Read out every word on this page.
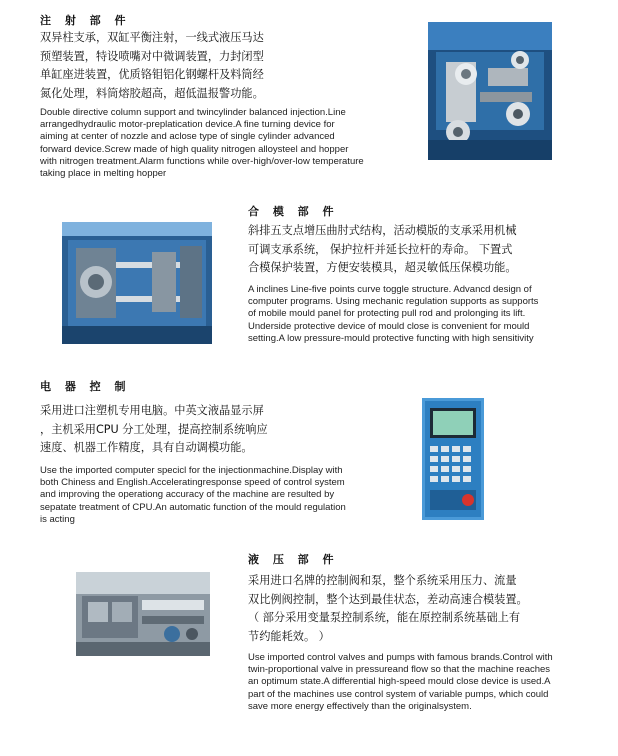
注 射 部 件
双异柱支承，双缸平衡注射，一线式液压马达
预塑装置，特设喷嘴对中微调装置，力封闭型
单缸座进装置，优质铬钼铝化钢螺杆及料筒经
氮化处理，料筒熔胶超高，超低温报警功能。
Double directive column support and twincylinder balanced injection.Line
arrangedhydraulic motor-preplatication device.A fine turning device for
aiming at center of nozzle and aclose type of single cylinder advanced
forward device.Screw made of high quality nitrogen alloysteel and hopper
with nitrogen treatment.Alarm functions while over-high/over-low temperature
taking place in melting hopper
合 模 部 件
斜排五支点增压曲肘式结构，活动模版的支承采用机械
可调支承系统， 保护拉杆并延长拉杆的寿命。 下置式
合模保护装置，方便安装模具，超灵敏低压保模功能。
A inclines Line-five points curve toggle structure. Advancd design of
computer programs. Using mechanic regulation supports as supports
of mobile mould panel for protecting pull rod and prolonging its lift.
Underside protective device of mould close is convenient for mould
setting.A low pressure-mould protective functing with high sensitivity
电 器 控 制
采用进口注塑机专用电脑。中英文液晶显示屏
，主机采用CPU 分工处理，提高控制系统响应
速度、机器工作精度，具有自动调模功能。
Use the imported computer specicl for the injectionmachine.Display with
both Chiness and English.Acceleratingresponse speed of control system
and improving the operationg accuracy of the machine are resulted by
sepatate treatment of CPU.An automatic function of the mould regulation
is acting
液 压 部 件
采用进口名牌的控制阀和泵，整个系统采用压力、流量
双比例阀控制，整个达到最佳状态，差动高速合模装置。
（ 部分采用变量泵控制系统，能在原控制系统基础上有
节约能耗效。 ）
Use imported control valves and pumps with famous brands.Control with
twin-proportional valve in pressureand flow so that the machine reaches
an optimum state.A differential high-speed mould close device is used.A
part of the machines use control system of variable pumps, which could
save more energy effectively than the originalsystem.
